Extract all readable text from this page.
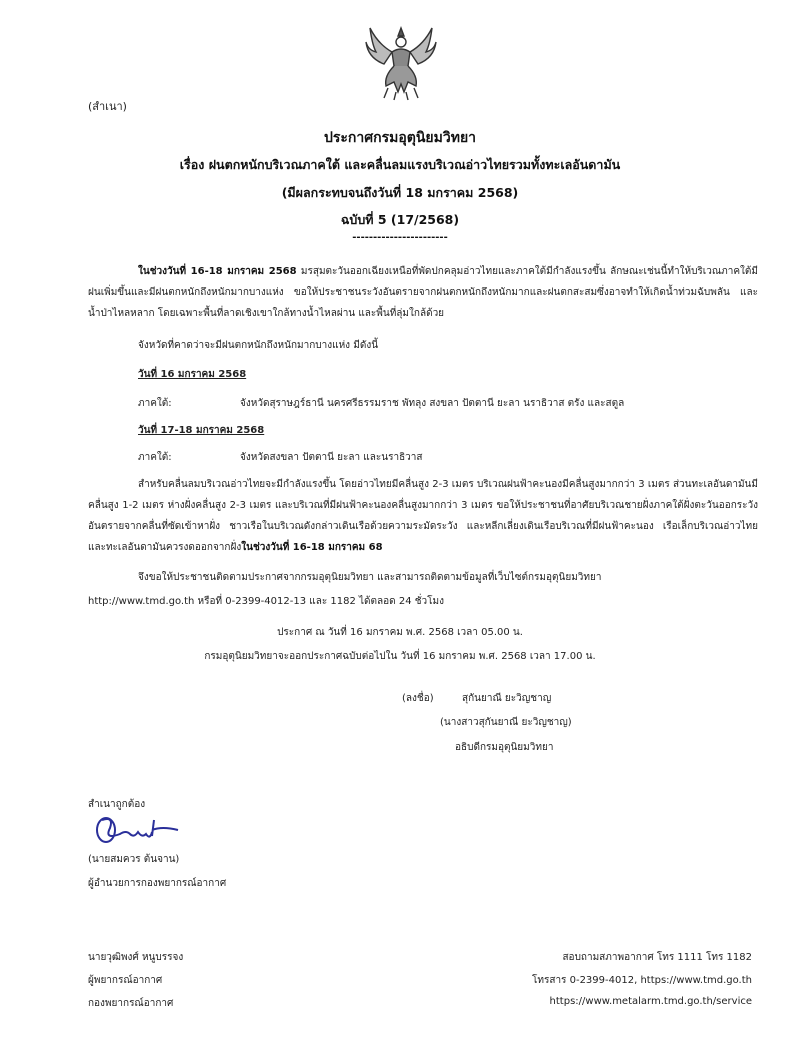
(สำเนา)
ประกาศกรมอุตุนิยมวิทยา
เรื่อง ฝนตกหนักบริเวณภาคใต้ และคลื่นลมแรงบริเวณอ่าวไทยรวมทั้งทะเลอันดามัน
(มีผลกระทบจนถึงวันที่ 18 มกราคม 2568)
ฉบับที่ 5 (17/2568)
-----------------------
ในช่วงวันที่ 16-18 มกราคม 2568 มรสุมตะวันออกเฉียงเหนือที่พัดปกคลุมอ่าวไทยและภาคใต้มีกำลังแรงขึ้น ลักษณะเช่นนี้ทำให้บริเวณภาคใต้มีฝนเพิ่มขึ้นและมีฝนตกหนักถึงหนักมากบางแห่ง ขอให้ประชาชนระวังอันตรายจากฝนตกหนักถึงหนักมากและฝนตกสะสมซึ่งอาจทำให้เกิดน้ำท่วมฉับพลัน และน้ำป่าไหลหลาก โดยเฉพาะพื้นที่ลาดเชิงเขาใกล้ทางน้ำไหลผ่าน และพื้นที่ลุ่มใกล้ด้วย
จังหวัดที่คาดว่าจะมีฝนตกหนักถึงหนักมากบางแห่ง มีดังนี้
วันที่ 16 มกราคม 2568
ภาคใต้:	จังหวัดสุราษฎร์ธานี นครศรีธรรมราช พัทลุง สงขลา ปัตตานี ยะลา นราธิวาส ตรัง และสตูล
วันที่ 17-18 มกราคม 2568
ภาคใต้:	จังหวัดสงขลา ปัตตานี ยะลา และนราธิวาส
สำหรับคลื่นลมบริเวณอ่าวไทยจะมีกำลังแรงขึ้น โดยอ่าวไทยมีคลื่นสูง 2-3 เมตร บริเวณฝนฟ้าคะนองมีคลื่นสูงมากกว่า 3 เมตร ส่วนทะเลอันดามันมีคลื่นสูง 1-2 เมตร ห่างฝั่งคลื่นสูง 2-3 เมตร และบริเวณที่มีฝนฟ้าคะนองคลื่นสูงมากกว่า 3 เมตร ขอให้ประชาชนที่อาศัยบริเวณชายฝั่งภาคใต้ฝั่งตะวันออกระวังอันตรายจากคลื่นที่ซัดเข้าหาฝั่ง ชาวเรือในบริเวณดังกล่าวเดินเรือด้วยความระมัดระวัง และหลีกเลี่ยงเดินเรือบริเวณที่มีฝนฟ้าคะนอง เรือเล็กบริเวณอ่าวไทยและทะเลอันดามันควรงดออกจากฝั่งในช่วงวันที่ 16-18 มกราคม 68
จึงขอให้ประชาชนติดตามประกาศจากกรมอุตุนิยมวิทยา และสามารถติดตามข้อมูลที่เว็บไซต์กรมอุตุนิยมวิทยา
http://www.tmd.go.th หรือที่ 0-2399-4012-13 และ 1182 ได้ตลอด 24 ชั่วโมง
ประกาศ ณ วันที่ 16 มกราคม พ.ศ. 2568 เวลา 05.00 น.
กรมอุตุนิยมวิทยาจะออกประกาศฉบับต่อไปใน วันที่ 16 มกราคม พ.ศ. 2568 เวลา 17.00 น.
(ลงชื่อ)	สุกันยาณี ยะวิญชาญ
(นางสาวสุกันยาณี ยะวิญชาญ)
อธิบดีกรมอุตุนิยมวิทยา
สำเนาถูกต้อง
(นายสมควร ต้นจาน)
ผู้อำนวยการกองพยากรณ์อากาศ
นายวุฒิพงศ์ หนูบรรจง
ผู้พยากรณ์อากาศ
กองพยากรณ์อากาศ
สอบถามสภาพอากาศ โทร 1111 โทร 1182
โทรสาร 0-2399-4012, https://www.tmd.go.th
https://www.metalarm.tmd.go.th/service
